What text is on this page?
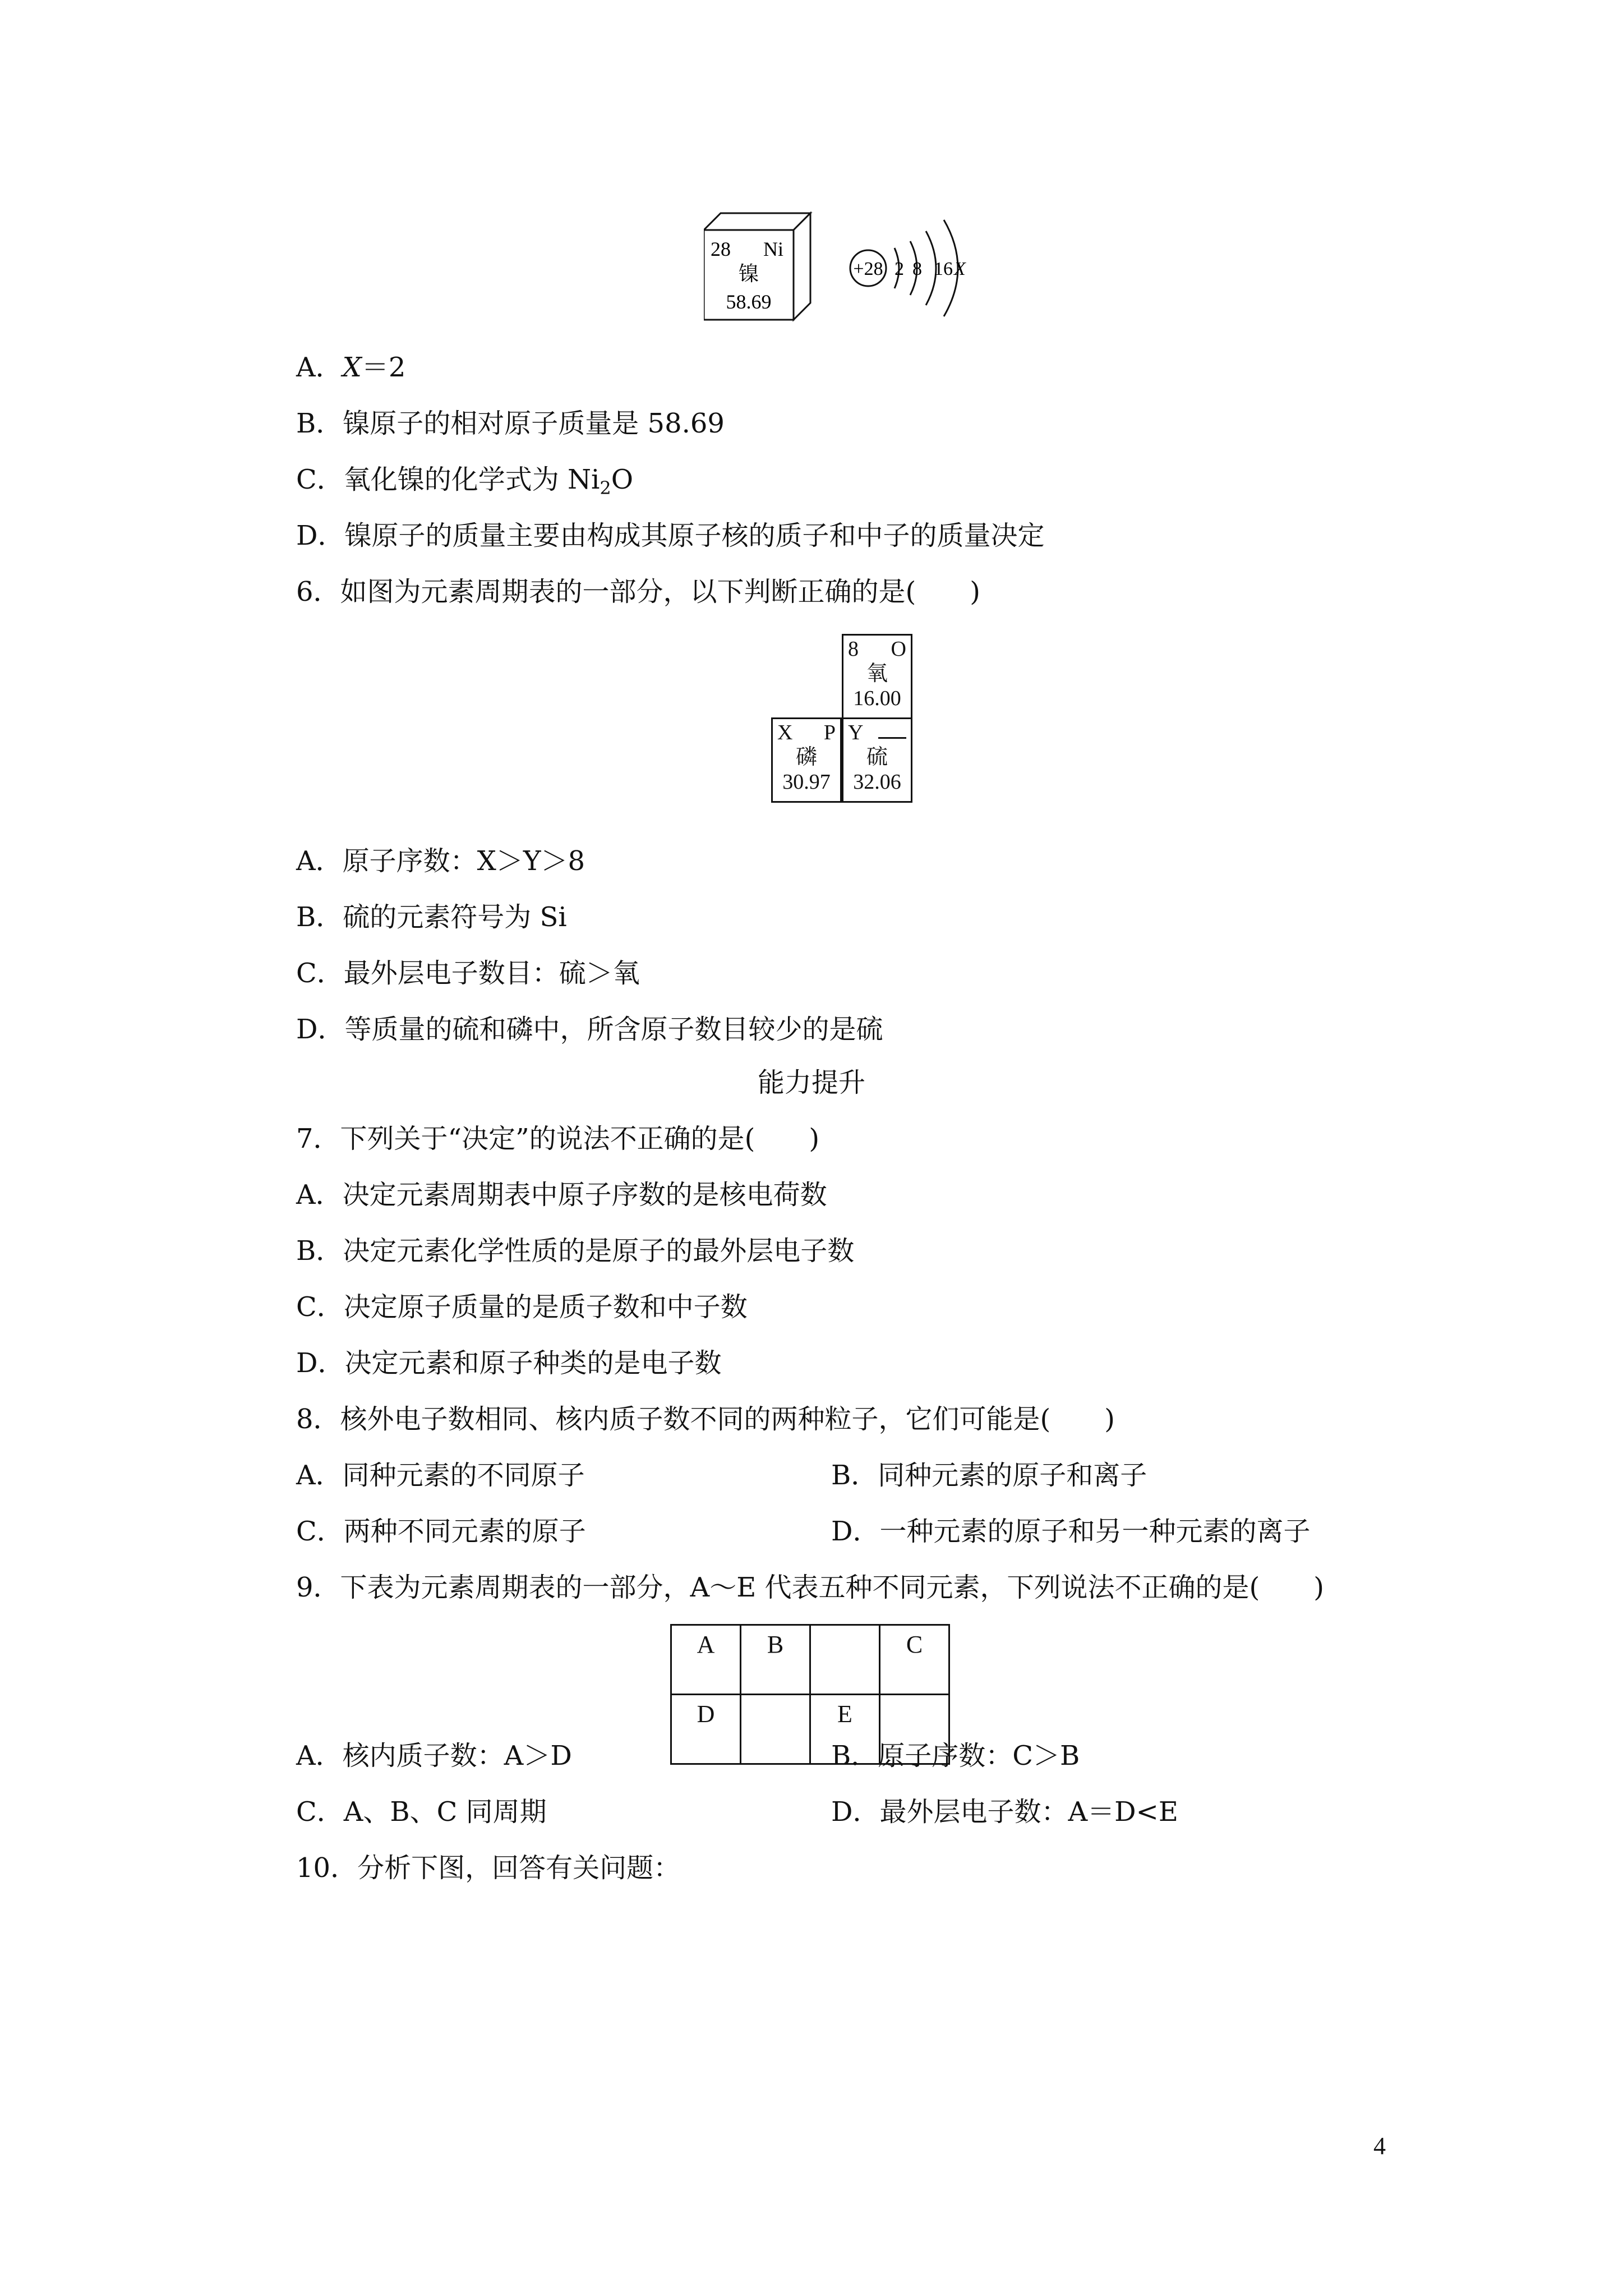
28 Ni
镍
58.69
+28 2 8 16 X
A．X＝2
B．镍原子的相对原子质量是 58.69
C．氧化镍的化学式为 $Ni_2O$
D．镍原子的质量主要由构成其原子核的质子和中子的质量决定
6．如图为元素周期表的一部分，以下判断正确的是(　　)
8 O
氧
16.00
X P
磷
30.97
Y
硫
32.06
A．原子序数：X＞Y＞8
B．硫的元素符号为 Si
C．最外层电子数目：硫＞氧
D．等质量的硫和磷中，所含原子数目较少的是硫
能力提升
7．下列关于“决定”的说法不正确的是(　　)
A．决定元素周期表中原子序数的是核电荷数
B．决定元素化学性质的是原子的最外层电子数
C．决定原子质量的是质子数和中子数
D．决定元素和原子种类的是电子数
8．核外电子数相同、核内质子数不同的两种粒子，它们可能是(　　)
A．同种元素的不同原子	B．同种元素的原子和离子
C．两种不同元素的原子	D．一种元素的原子和另一种元素的离子
9．下表为元素周期表的一部分，A～E 代表五种不同元素，下列说法不正确的是(　　)
A	B		C
D		E	
A．核内质子数：A＞D	B．原子序数：C＞B
C．A、B、C 同周期	D．最外层电子数：A＝D<E
10．分析下图，回答有关问题：
4
